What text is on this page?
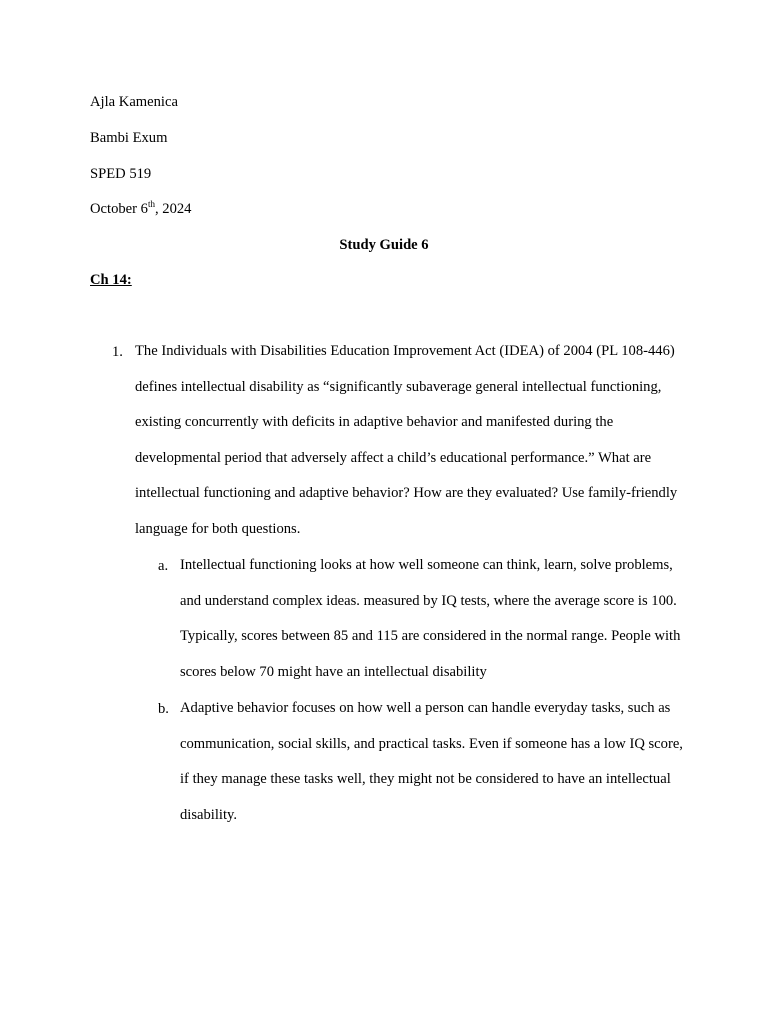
Ajla Kamenica
Bambi Exum
SPED 519
October 6th, 2024
Study Guide 6
Ch 14:
1. The Individuals with Disabilities Education Improvement Act (IDEA) of 2004 (PL 108-446) defines intellectual disability as “significantly subaverage general intellectual functioning, existing concurrently with deficits in adaptive behavior and manifested during the developmental period that adversely affect a child’s educational performance.” What are intellectual functioning and adaptive behavior? How are they evaluated? Use family-friendly language for both questions.

a. Intellectual functioning looks at how well someone can think, learn, solve problems, and understand complex ideas. measured by IQ tests, where the average score is 100. Typically, scores between 85 and 115 are considered in the normal range. People with scores below 70 might have an intellectual disability

b. Adaptive behavior focuses on how well a person can handle everyday tasks, such as communication, social skills, and practical tasks. Even if someone has a low IQ score, if they manage these tasks well, they might not be considered to have an intellectual disability.
